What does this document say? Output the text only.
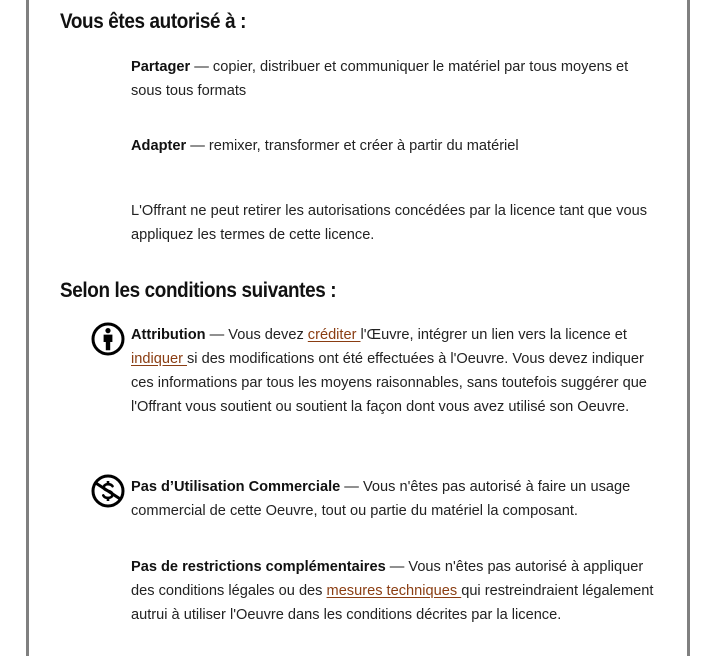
Vous êtes autorisé à :

Partager — copier, distribuer et communiquer le matériel par tous moyens et sous tous formats

Adapter — remixer, transformer et créer à partir du matériel

L'Offrant ne peut retirer les autorisations concédées par la licence tant que vous appliquez les termes de cette licence.

Selon les conditions suivantes :

Attribution — Vous devez créditer l'Œuvre, intégrer un lien vers la licence et indiquer si des modifications ont été effectuées à l'Oeuvre. Vous devez indiquer ces informations par tous les moyens raisonnables, sans toutefois suggérer que l'Offrant vous soutient ou soutient la façon dont vous avez utilisé son Oeuvre.

Pas d’Utilisation Commerciale — Vous n'êtes pas autorisé à faire un usage commercial de cette Oeuvre, tout ou partie du matériel la composant.

Pas de restrictions complémentaires — Vous n'êtes pas autorisé à appliquer des conditions légales ou des mesures techniques qui restreindraient légalement autrui à utiliser l'Oeuvre dans les conditions décrites par la licence.
